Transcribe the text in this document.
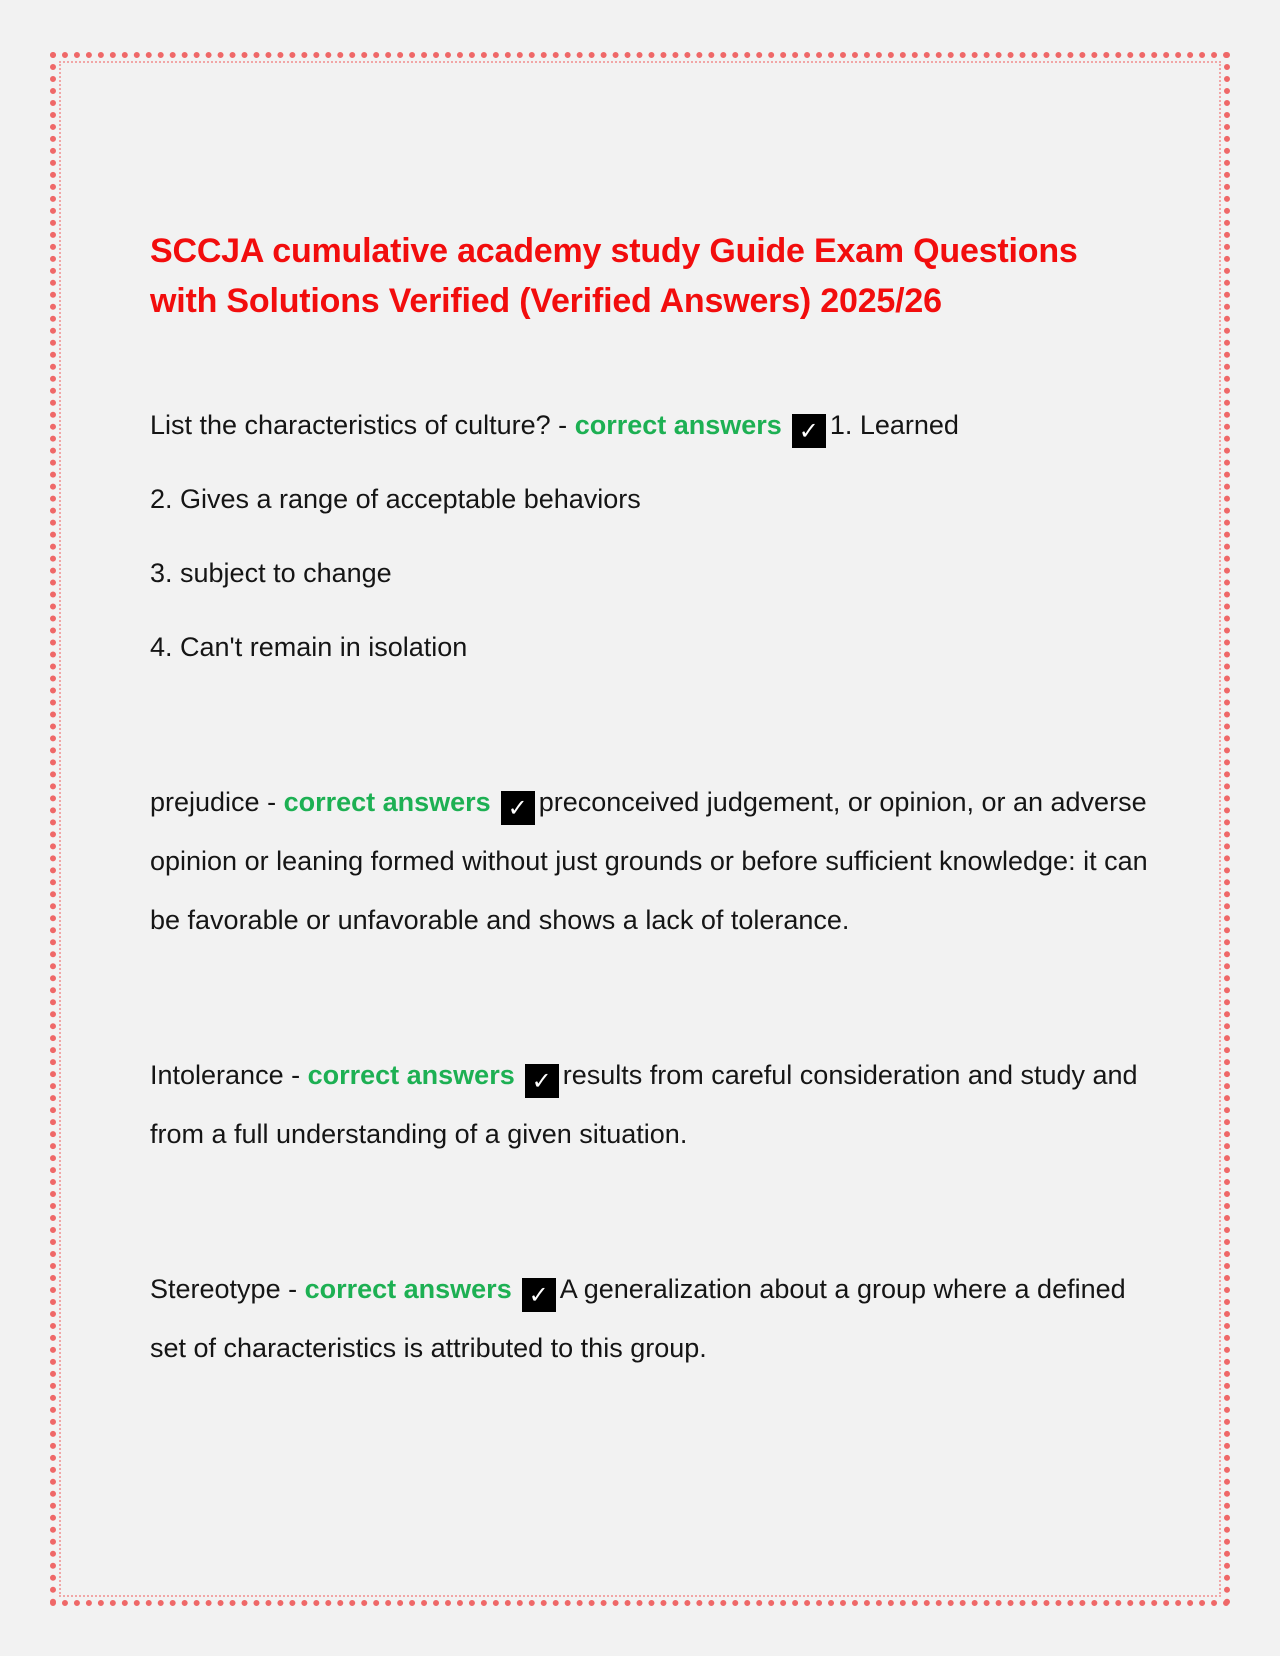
SCCJA cumulative academy study Guide Exam Questions with Solutions Verified (Verified Answers) 2025/26

List the characteristics of culture? - correct answers ✓ 1. Learned

2. Gives a range of acceptable behaviors

3. subject to change

4. Can't remain in isolation

prejudice - correct answers ✓ preconceived judgement, or opinion, or an adverse opinion or leaning formed without just grounds or before sufficient knowledge: it can be favorable or unfavorable and shows a lack of tolerance.

Intolerance - correct answers ✓ results from careful consideration and study and from a full understanding of a given situation.

Stereotype - correct answers ✓ A generalization about a group where a defined set of characteristics is attributed to this group.
